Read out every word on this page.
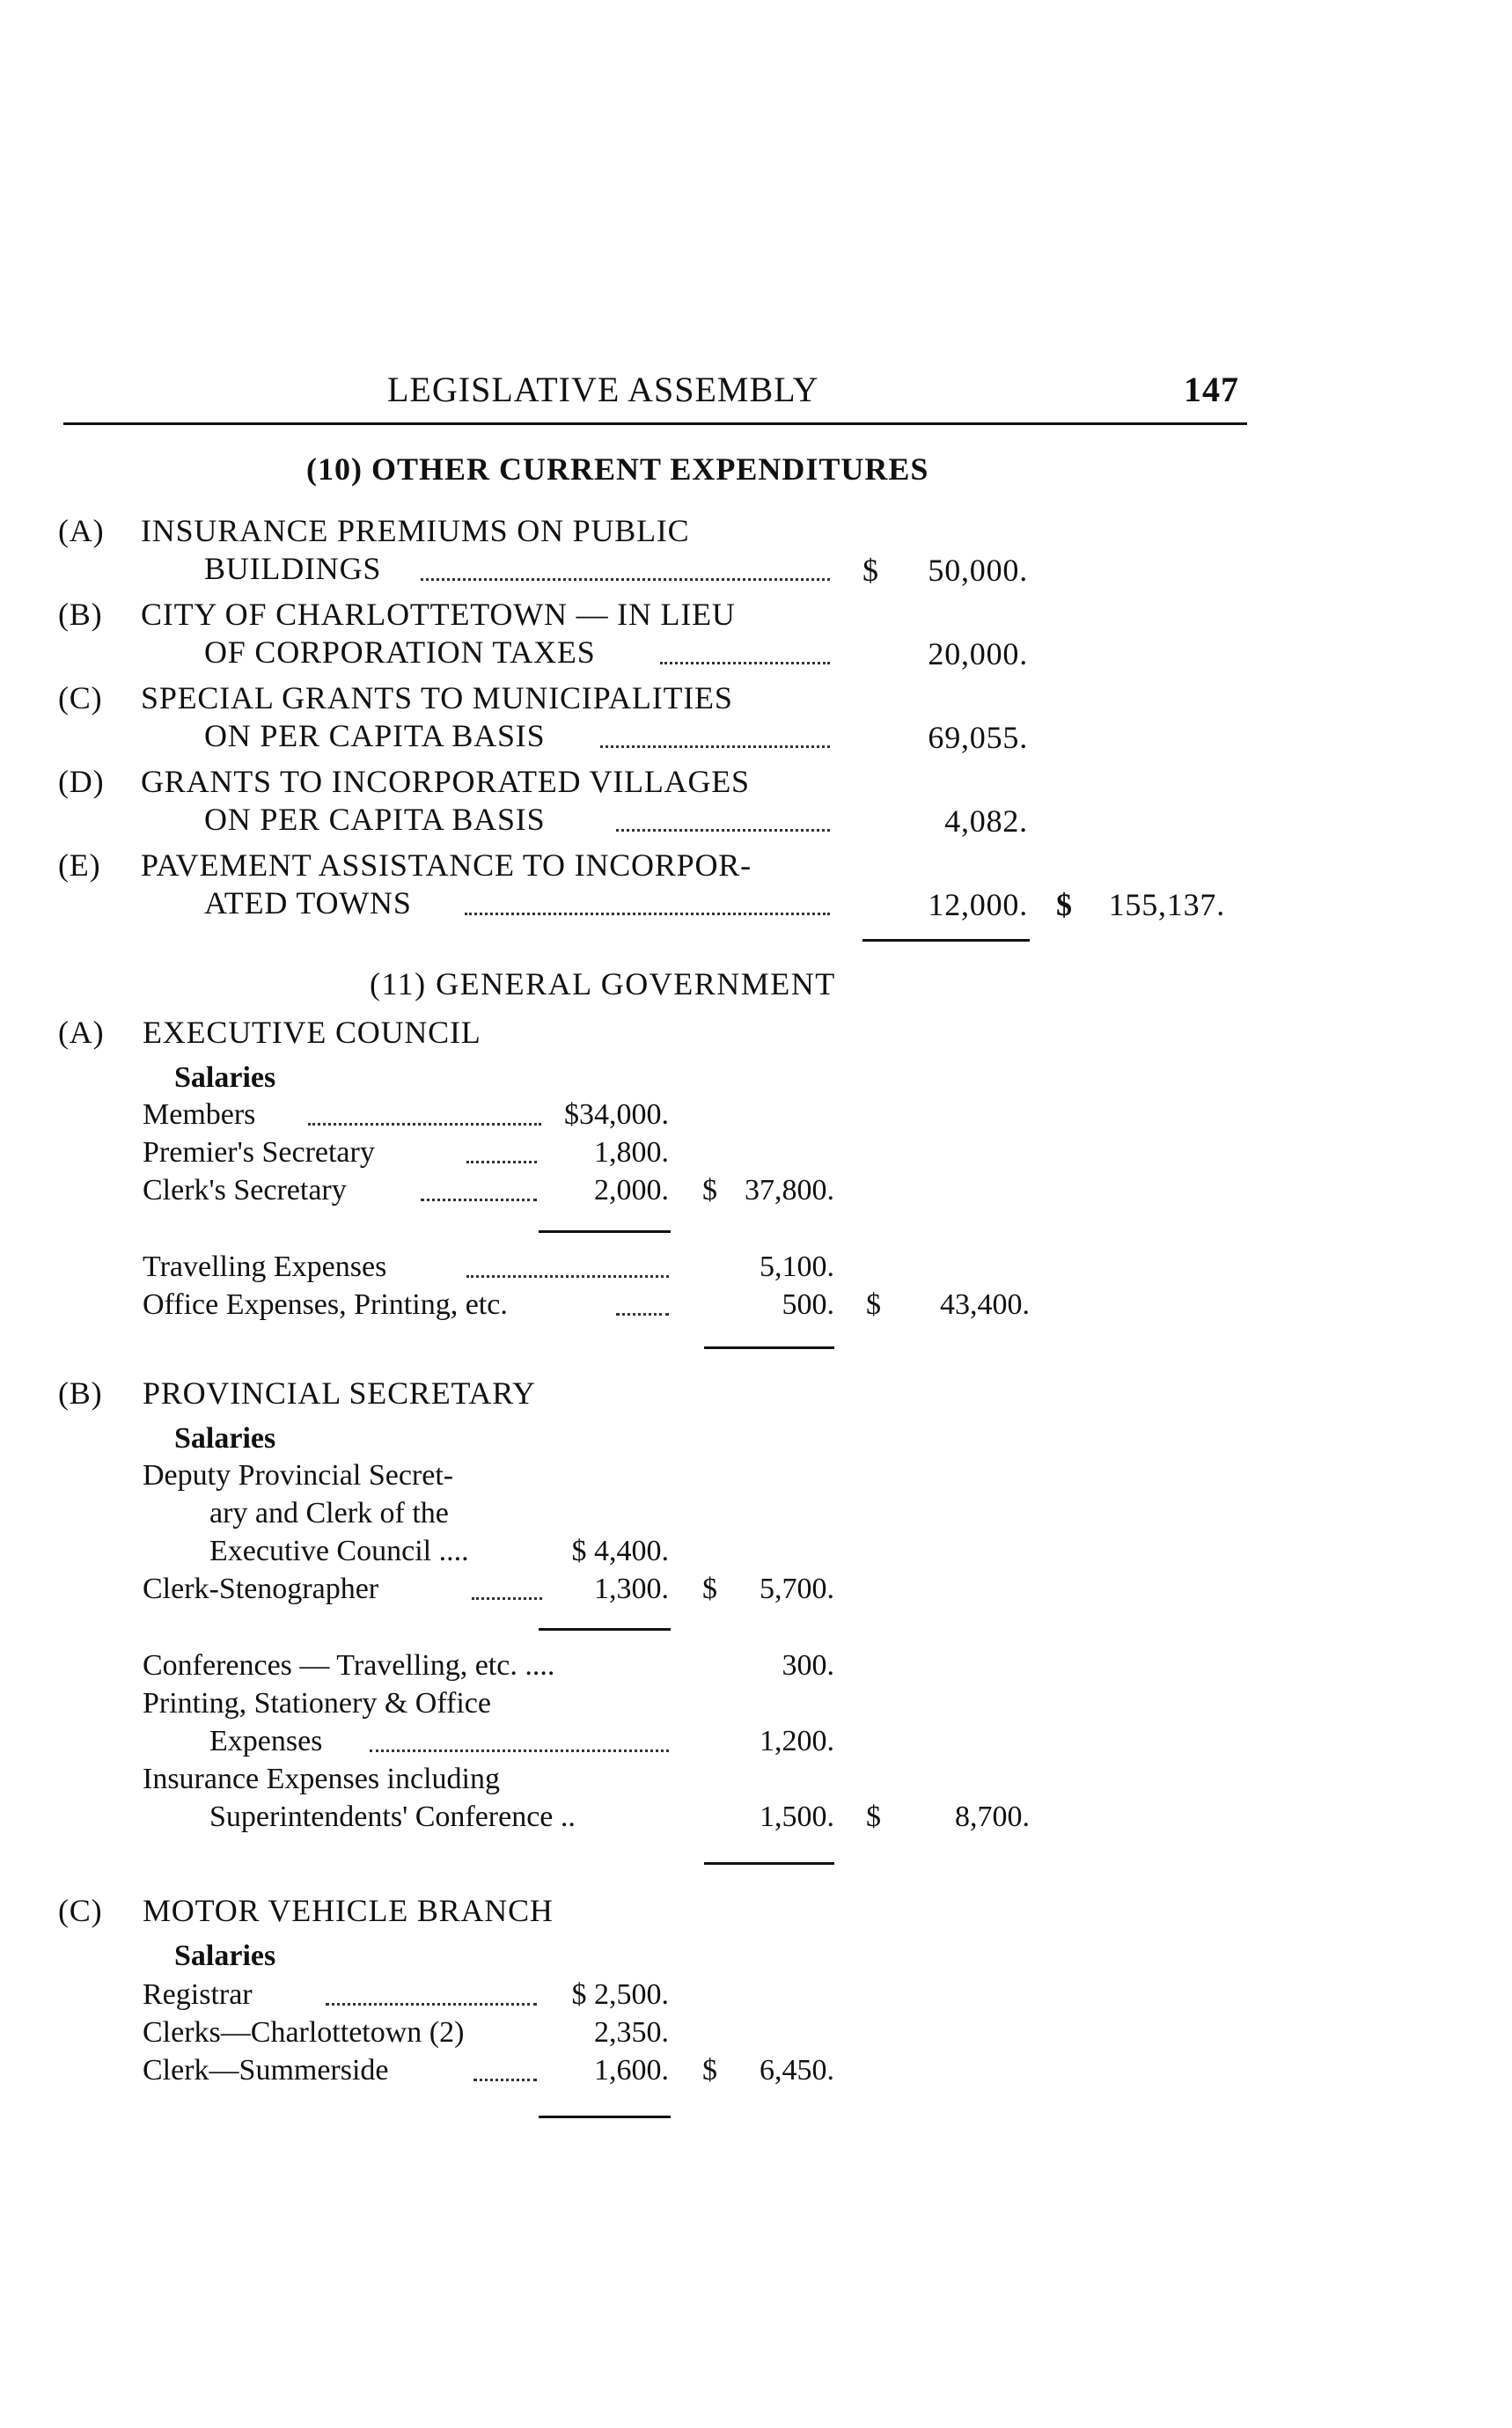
LEGISLATIVE ASSEMBLY	147
(10) OTHER CURRENT EXPENDITURES
(A) INSURANCE PREMIUMS ON PUBLIC
BUILDINGS	$	50,000.
(B) CITY OF CHARLOTTETOWN — IN LIEU
OF CORPORATION TAXES	20,000.
(C) SPECIAL GRANTS TO MUNICIPALITIES
ON PER CAPITA BASIS	69,055.
(D) GRANTS TO INCORPORATED VILLAGES
ON PER CAPITA BASIS	4,082.
(E) PAVEMENT ASSISTANCE TO INCORPOR-
ATED TOWNS	12,000. $	155,137.
(11) GENERAL GOVERNMENT
(A) EXECUTIVE COUNCIL
Salaries
Members	$34,000.
Premier's Secretary	1,800.
Clerk's Secretary	2,000. $ 37,800.
Travelling Expenses	5,100.
Office Expenses, Printing, etc.	500. $	43,400.
(B) PROVINCIAL SECRETARY
Salaries
Deputy Provincial Secret-
ary and Clerk of the
Executive Council ....	$ 4,400.
Clerk-Stenographer	1,300. $	5,700.
Conferences — Travelling, etc. ....	300.
Printing, Stationery & Office
Expenses	1,200.
Insurance Expenses including
Superintendents' Conference ..	1,500. $	8,700.
(C) MOTOR VEHICLE BRANCH
Salaries
Registrar	$ 2,500.
Clerks—Charlottetown (2)	2,350.
Clerk—Summerside	1,600. $	6,450.
